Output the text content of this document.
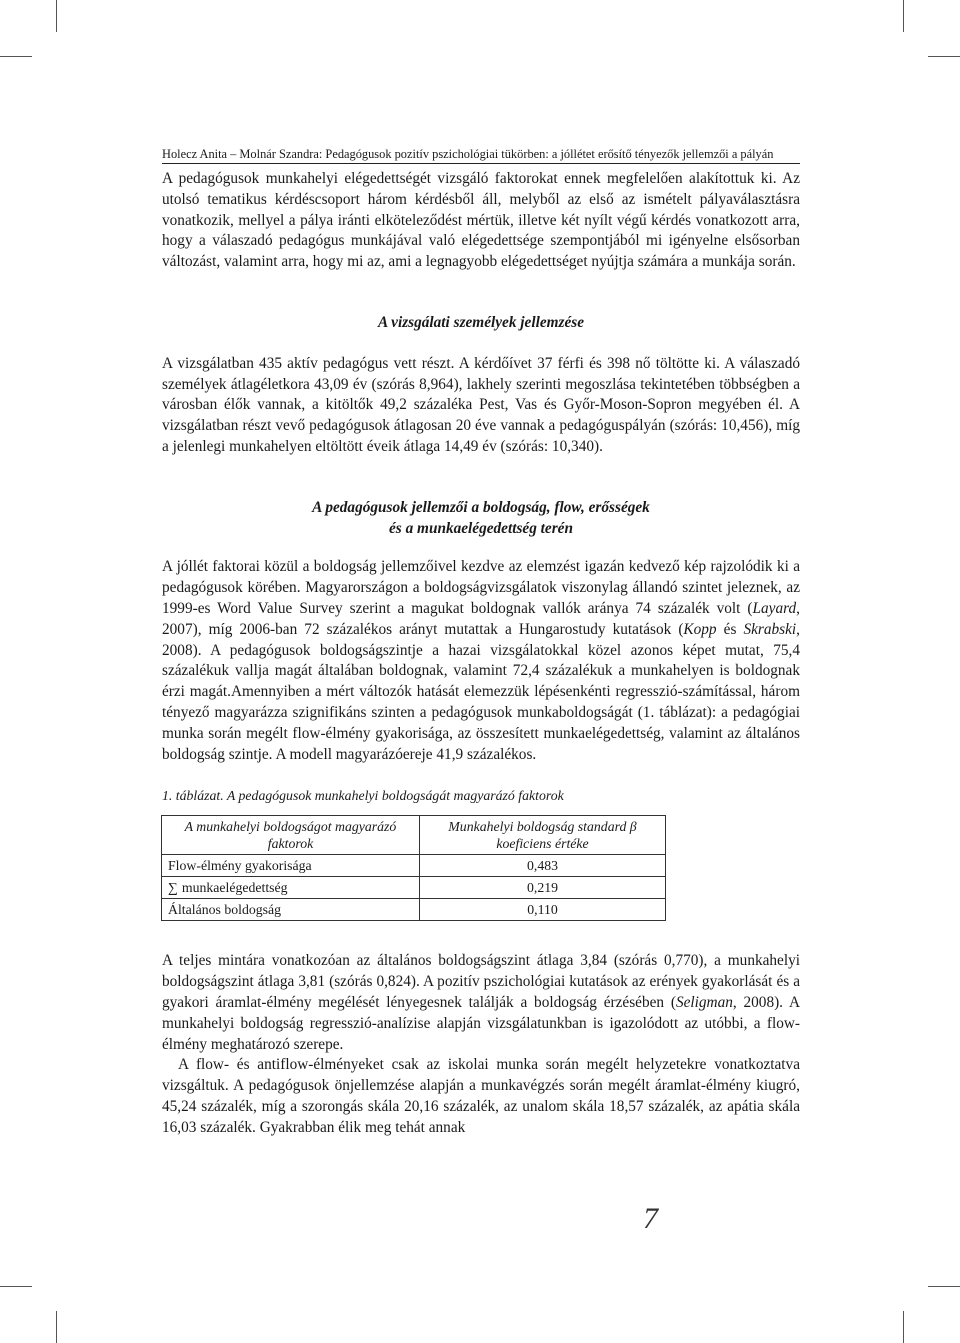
Holecz Anita – Molnár Szandra: Pedagógusok pozitív pszichológiai tükörben: a jóllétet erősítő tényezők jellemzői a pályán

A pedagógusok munkahelyi elégedettségét vizsgáló faktorokat ennek megfelelően alakítottuk ki. Az utolsó tematikus kérdéscsoport három kérdésből áll, melyből az első az ismételt pályaválasztásra vonatkozik, mellyel a pálya iránti elköteleződést mértük, illetve két nyílt végű kérdés vonatkozott arra, hogy a válaszadó pedagógus munkájával való elégedettsége szempontjából mi igényelne elsősorban változást, valamint arra, hogy mi az, ami a legnagyobb elégedettséget nyújtja számára a munkája során.

A vizsgálati személyek jellemzése

A vizsgálatban 435 aktív pedagógus vett részt. A kérdőívet 37 férfi és 398 nő töltötte ki. A válaszadó személyek átlagéletkora 43,09 év (szórás 8,964), lakhely szerinti megoszlása tekintetében többségben a városban élők vannak, a kitöltők 49,2 százaléka Pest, Vas és Győr-Moson-Sopron megyében él. A vizsgálatban részt vevő pedagógusok átlagosan 20 éve vannak a pedagóguspályán (szórás: 10,456), míg a jelenlegi munkahelyen eltöltött éveik átlaga 14,49 év (szórás: 10,340).

A pedagógusok jellemzői a boldogság, flow, erősségek
és a munkaelégedettség terén

A jóllét faktorai közül a boldogság jellemzőivel kezdve az elemzést igazán kedvező kép rajzolódik ki a pedagógusok körében. Magyarországon a boldogságvizsgálatok viszonylag állandó szintet jeleznek, az 1999-es Word Value Survey szerint a magukat boldognak vallók aránya 74 százalék volt (Layard, 2007), míg 2006-ban 72 százalékos arányt mutattak a Hungarostudy kutatások (Kopp és Skrabski, 2008). A pedagógusok boldogságszintje a hazai vizsgálatokkal közel azonos képet mutat, 75,4 százalékuk vallja magát általában boldognak, valamint 72,4 százalékuk a munkahelyen is boldognak érzi magát.Amennyiben a mért változók hatását elemezzük lépésenkénti regresszió-számítással, három tényező magyarázza szignifikáns szinten a pedagógusok munkaboldogságát (1. táblázat): a pedagógiai munka során megélt flow-élmény gyakorisága, az összesített munkaelégedettség, valamint az általános boldogság szintje. A modell magyarázóereje 41,9 százalékos.

1. táblázat. A pedagógusok munkahelyi boldogságát magyarázó faktorok
A munkahelyi boldogságot magyarázó faktorok	Munkahelyi boldogság standard β koeficiens értéke
Flow-élmény gyakorisága	0,483
∑ munkaelégedettség	0,219
Általános boldogság	0,110

A teljes mintára vonatkozóan az általános boldogságszint átlaga 3,84 (szórás 0,770), a munkahelyi boldogságszint átlaga 3,81 (szórás 0,824). A pozitív pszichológiai kutatások az erények gyakorlását és a gyakori áramlat-élmény megélését lényegesnek találják a boldogság érzésében (Seligman, 2008). A munkahelyi boldogság regresszió-analízise alapján vizsgálatunkban is igazolódott az utóbbi, a flow-élmény meghatározó szerepe.

A flow- és antiflow-élményeket csak az iskolai munka során megélt helyzetekre vonatkoztatva vizsgáltuk. A pedagógusok önjellemzése alapján a munkavégzés során megélt áramlat-élmény kiugró, 45,24 százalék, míg a szorongás skála 20,16 százalék, az unalom skála 18,57 százalék, az apátia skála 16,03 százalék. Gyakrabban élik meg tehát annak

7
